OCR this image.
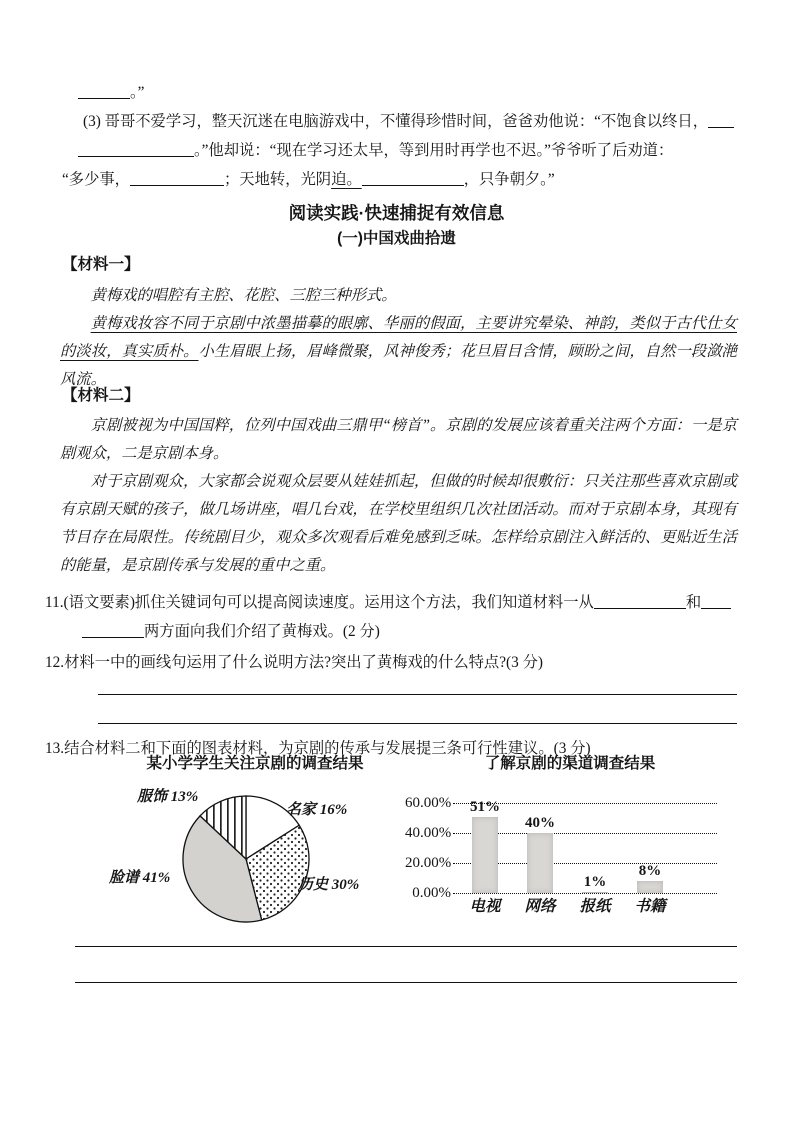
。”
(3) 哥哥不爱学习，整天沉迷在电脑游戏中，不懂得珍惜时间，爸爸劝他说：“不饱食以终日，
。”他却说：“现在学习还太早，等到用时再学也不迟。”爷爷听了后劝道：
“多少事，	；天地转，光阴迫。	，只争朝夕。”
阅读实践·快速捕捉有效信息
(一)中国戏曲拾遗
【材料一】
黄梅戏的唱腔有主腔、花腔、三腔三种形式。
黄梅戏妆容不同于京剧中浓墨描摹的眼廓、华丽的假面，主要讲究晕染、神韵，类似于古代仕女的淡妆，真实质朴。小生眉眼上扬，眉峰微聚，风神俊秀；花旦眉目含情，顾盼之间，自然一段潋滟风流。
【材料二】
京剧被视为中国国粹，位列中国戏曲三鼎甲“榜首”。京剧的发展应该着重关注两个方面：一是京剧观众，二是京剧本身。
对于京剧观众，大家都会说观众层要从娃娃抓起，但做的时候却很敷衍：只关注那些喜欢京剧或有京剧天赋的孩子，做几场讲座，唱几台戏，在学校里组织几次社团活动。而对于京剧本身，其现有节目存在局限性。传统剧目少，观众多次观看后难免感到乏味。怎样给京剧注入鲜活的、更贴近生活的能量，是京剧传承与发展的重中之重。
11.(语文要素)抓住关键词句可以提高阅读速度。运用这个方法，我们知道材料一从	和
两方面向我们介绍了黄梅戏。(2 分)
12.材料一中的画线句运用了什么说明方法?突出了黄梅戏的什么特点?(3 分)
13.结合材料二和下面的图表材料，为京剧的传承与发展提三条可行性建议。(3 分)
某小学学生关注京剧的调查结果
服饰 13%
名家 16%
历史 30%
脸谱 41%
了解京剧的渠道调查结果
60.00%
40.00%
20.00%
0.00%
51%
40%
1%
8%
电视	网络	报纸	书籍
